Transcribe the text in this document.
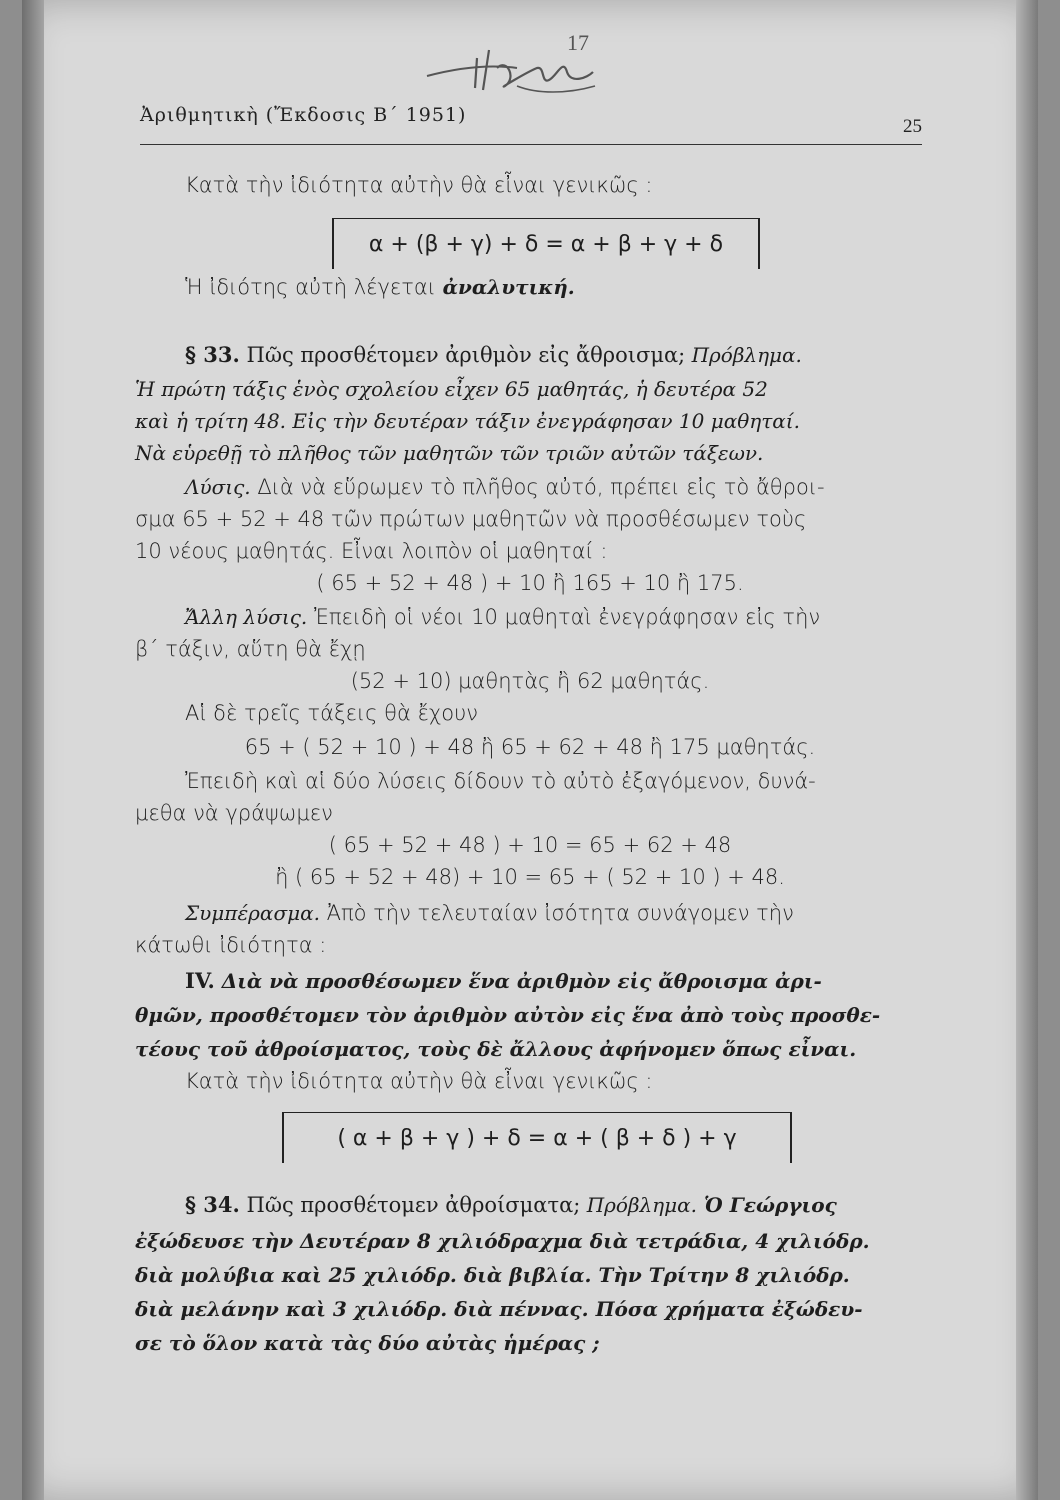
17
Ἀριθμητικὴ (Ἔκδοσις Β΄ 1951)
25
Κατὰ τὴν ἰδιότητα αὐτὴν θὰ εἶναι γενικῶς :
α + (β + γ) + δ = α + β + γ + δ
Ἡ ἰδιότης αὐτὴ λέγεται ἀναλυτική.
§ 33. Πῶς προσθέτομεν ἀριθμὸν εἰς ἄθροισμα; Πρόβλημα.
Ἡ πρώτη τάξις ἑνὸς σχολείου εἶχεν 65 μαθητάς, ἡ δευτέρα 52
καὶ ἡ τρίτη 48. Εἰς τὴν δευτέραν τάξιν ἐνεγράφησαν 10 μαθηταί.
Νὰ εὑρεθῇ τὸ πλῆθος τῶν μαθητῶν τῶν τριῶν αὐτῶν τάξεων.
Λύσις. Διὰ νὰ εὕρωμεν τὸ πλῆθος αὐτό, πρέπει εἰς τὸ ἄθροι-
σμα 65 + 52 + 48 τῶν πρώτων μαθητῶν νὰ προσθέσωμεν τοὺς
10 νέους μαθητάς. Εἶναι λοιπὸν οἱ μαθηταί :
( 65 + 52 + 48 ) + 10 ἢ 165 + 10 ἢ 175.
Ἄλλη λύσις. Ἐπειδὴ οἱ νέοι 10 μαθηταὶ ἐνεγράφησαν εἰς τὴν
β΄ τάξιν, αὕτη θὰ ἔχῃ
(52 + 10) μαθητὰς ἢ 62 μαθητάς.
Αἱ δὲ τρεῖς τάξεις θὰ ἔχουν
65 + ( 52 + 10 ) + 48 ἢ 65 + 62 + 48 ἢ 175 μαθητάς.
Ἐπειδὴ καὶ αἱ δύο λύσεις δίδουν τὸ αὐτὸ ἐξαγόμενον, δυνά-
μεθα νὰ γράψωμεν
( 65 + 52 + 48 ) + 10 = 65 + 62 + 48
ἢ ( 65 + 52 + 48) + 10 = 65 + ( 52 + 10 ) + 48.
Συμπέρασμα. Ἀπὸ τὴν τελευταίαν ἰσότητα συνάγομεν τὴν
κάτωθι ἰδιότητα :
IV. Διὰ νὰ προσθέσωμεν ἕνα ἀριθμὸν εἰς ἄθροισμα ἀρι-
θμῶν, προσθέτομεν τὸν ἀριθμὸν αὐτὸν εἰς ἕνα ἀπὸ τοὺς προσθε-
τέους τοῦ ἀθροίσματος, τοὺς δὲ ἄλλους ἀφήνομεν ὅπως εἶναι.
Κατὰ τὴν ἰδιότητα αὐτὴν θὰ εἶναι γενικῶς :
( α + β + γ ) + δ = α + ( β + δ ) + γ
§ 34. Πῶς προσθέτομεν ἀθροίσματα; Πρόβλημα. Ὁ Γεώργιος
ἐξώδευσε τὴν Δευτέραν 8 χιλιόδραχμα διὰ τετράδια, 4 χιλιόδρ.
διὰ μολύβια καὶ 25 χιλιόδρ. διὰ βιβλία. Τὴν Τρίτην 8 χιλιόδρ.
διὰ μελάνην καὶ 3 χιλιόδρ. διὰ πέννας. Πόσα χρήματα ἐξώδευ-
σε τὸ ὅλον κατὰ τὰς δύο αὐτὰς ἡμέρας ;
